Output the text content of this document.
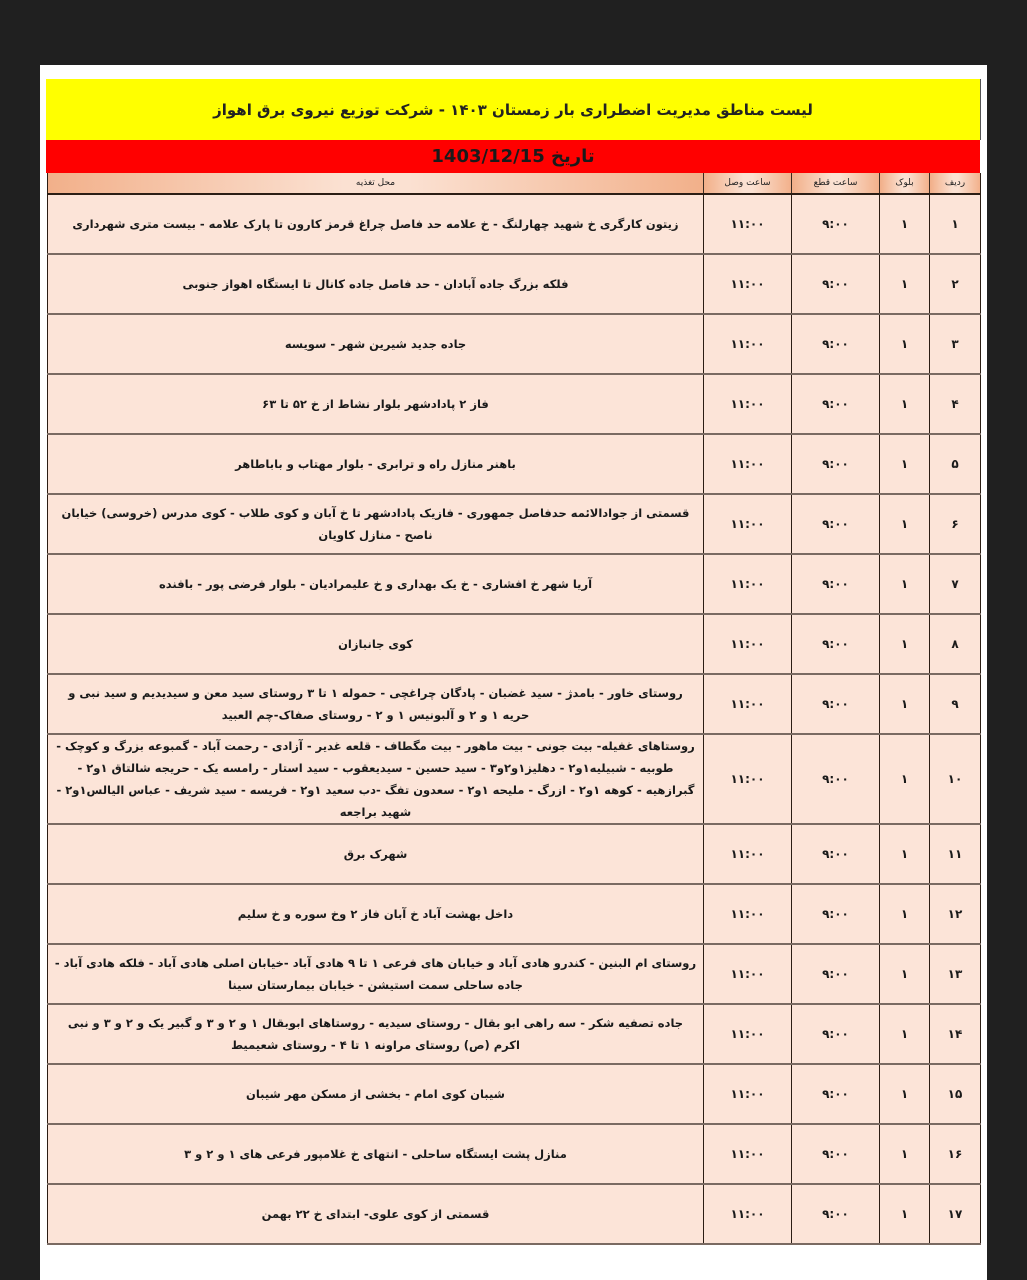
لیست مناطق مدیریت اضطراری بار زمستان ۱۴۰۳ - شرکت توزیع نیروی برق اهواز
تاریخ 1403/12/15
ردیف	بلوک	ساعت قطع	ساعت وصل	محل تغذیه
۱	۱	۹:۰۰	۱۱:۰۰	زیتون کارگری خ شهید چهارلنگ - خ علامه حد فاصل چراغ قرمز کارون تا پارک علامه - بیست متری شهرداری
۲	۱	۹:۰۰	۱۱:۰۰	فلکه بزرگ جاده آبادان - حد فاصل جاده کانال تا ایستگاه اهواز جنوبی
۳	۱	۹:۰۰	۱۱:۰۰	جاده جدید شیرین شهر - سویسه
۴	۱	۹:۰۰	۱۱:۰۰	فاز ۲ پادادشهر بلوار نشاط از خ ۵۲ تا ۶۳
۵	۱	۹:۰۰	۱۱:۰۰	باهنر منازل راه و ترابری - بلوار مهتاب و باباطاهر
۶	۱	۹:۰۰	۱۱:۰۰	قسمتی از جوادالائمه حدفاصل جمهوری - فازیک پادادشهر تا خ آبان و کوی طلاب - کوی مدرس (خروسی) خیابان ناصح - منازل کاویان
۷	۱	۹:۰۰	۱۱:۰۰	آریا شهر خ افشاری - خ یک بهداری و خ علیمرادیان - بلوار فرضی پور - بافنده
۸	۱	۹:۰۰	۱۱:۰۰	کوی جانبازان
۹	۱	۹:۰۰	۱۱:۰۰	روستای خاور - بامدژ - سید غضبان - پادگان چراغچی - حموله ۱ تا ۳ روستای سید معن و سیدیدیم و سید نبی و حریه ۱ و ۲ و آلبونیس ۱ و ۲ - روستای صفاک-چم العبید
۱۰	۱	۹:۰۰	۱۱:۰۰	روستاهای غفیله- بیت جونی - بیت ماهور - بیت مگطاف - قلعه غدیر - آزادی - رحمت آباد - گمبوعه بزرگ و کوچک - طوبیه - شبیلیه۱و۲ - دهلیز۱و۲و۳ - سید حسین - سیدیعقوب - سید استار - رامسه یک - حریجه شالتاق ۱و۲ - گبرازهیه - کوهه ۱و۲ - ازرگ - ملیحه ۱و۲ - سعدون تفگ -دب سعید ۱و۲ - فریسه - سید شریف - عباس الیالس۱و۲ - شهید براجعه
۱۱	۱	۹:۰۰	۱۱:۰۰	شهرک برق
۱۲	۱	۹:۰۰	۱۱:۰۰	داخل بهشت آباد خ آبان فاز ۲ وخ سوره و خ سلیم
۱۳	۱	۹:۰۰	۱۱:۰۰	روستای ام البنین - کندرو هادی آباد و خیابان های فرعی ۱ تا ۹ هادی آباد -خیابان اصلی هادی آباد - فلکه هادی آباد - جاده ساحلی سمت استیشن - خیابان بیمارستان سینا
۱۴	۱	۹:۰۰	۱۱:۰۰	جاده تصفیه شکر - سه راهی ابو بقال - روستای سیدیه - روستاهای ابوبقال ۱ و ۲ و ۳ و گبیر یک و ۲ و ۳ و نبی اکرم (ص) روستای مراونه ۱ تا ۴ - روستای شعیمیط
۱۵	۱	۹:۰۰	۱۱:۰۰	شیبان کوی امام - بخشی از مسکن مهر شیبان
۱۶	۱	۹:۰۰	۱۱:۰۰	منازل پشت ایستگاه ساحلی - انتهای خ غلامپور فرعی های ۱ و ۲ و ۳
۱۷	۱	۹:۰۰	۱۱:۰۰	قسمتی از کوی علوی- ابتدای خ ۲۲ بهمن
